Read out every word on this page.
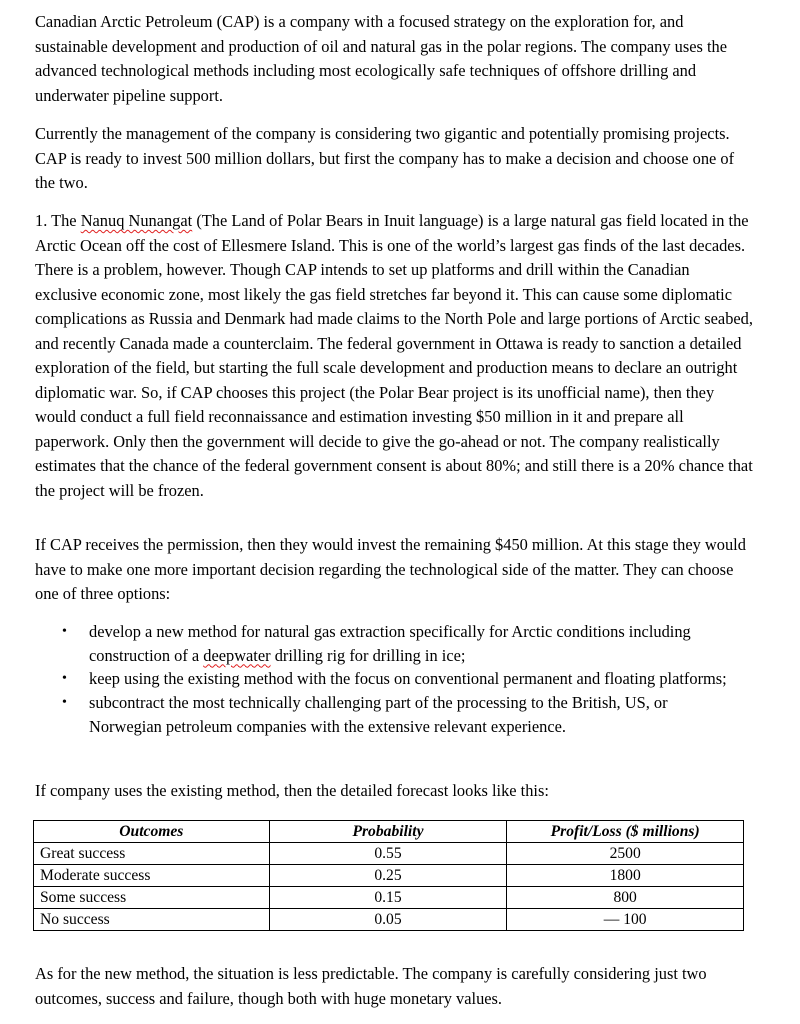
Canadian Arctic Petroleum (CAP) is a company with a focused strategy on the exploration for, and sustainable development and production of oil and natural gas in the polar regions. The company uses the advanced technological methods including most ecologically safe techniques of offshore drilling and underwater pipeline support.

Currently the management of the company is considering two gigantic and potentially promising projects. CAP is ready to invest 500 million dollars, but first the company has to make a decision and choose one of the two.

1. The Nanuq Nunangat (The Land of Polar Bears in Inuit language) is a large natural gas field located in the Arctic Ocean off the cost of Ellesmere Island. This is one of the world’s largest gas finds of the last decades. There is a problem, however. Though CAP intends to set up platforms and drill within the Canadian exclusive economic zone, most likely the gas field stretches far beyond it. This can cause some diplomatic complications as Russia and Denmark had made claims to the North Pole and large portions of Arctic seabed, and recently Canada made a counterclaim. The federal government in Ottawa is ready to sanction a detailed exploration of the field, but starting the full scale development and production means to declare an outright diplomatic war. So, if CAP chooses this project (the Polar Bear project is its unofficial name), then they would conduct a full field reconnaissance and estimation investing $50 million in it and prepare all paperwork. Only then the government will decide to give the go-ahead or not. The company realistically estimates that the chance of the federal government consent is about 80%; and still there is a 20% chance that the project will be frozen.

If CAP receives the permission, then they would invest the remaining $450 million. At this stage they would have to make one more important decision regarding the technological side of the matter. They can choose one of three options:

• develop a new method for natural gas extraction specifically for Arctic conditions including construction of a deepwater drilling rig for drilling in ice;
• keep using the existing method with the focus on conventional permanent and floating platforms;
• subcontract the most technically challenging part of the processing to the British, US, or Norwegian petroleum companies with the extensive relevant experience.

If company uses the existing method, then the detailed forecast looks like this:

Outcomes	Probability	Profit/Loss ($ millions)
Great success	0.55	2500
Moderate success	0.25	1800
Some success	0.15	800
No success	0.05	— 100

As for the new method, the situation is less predictable. The company is carefully considering just two outcomes, success and failure, though both with huge monetary values.
